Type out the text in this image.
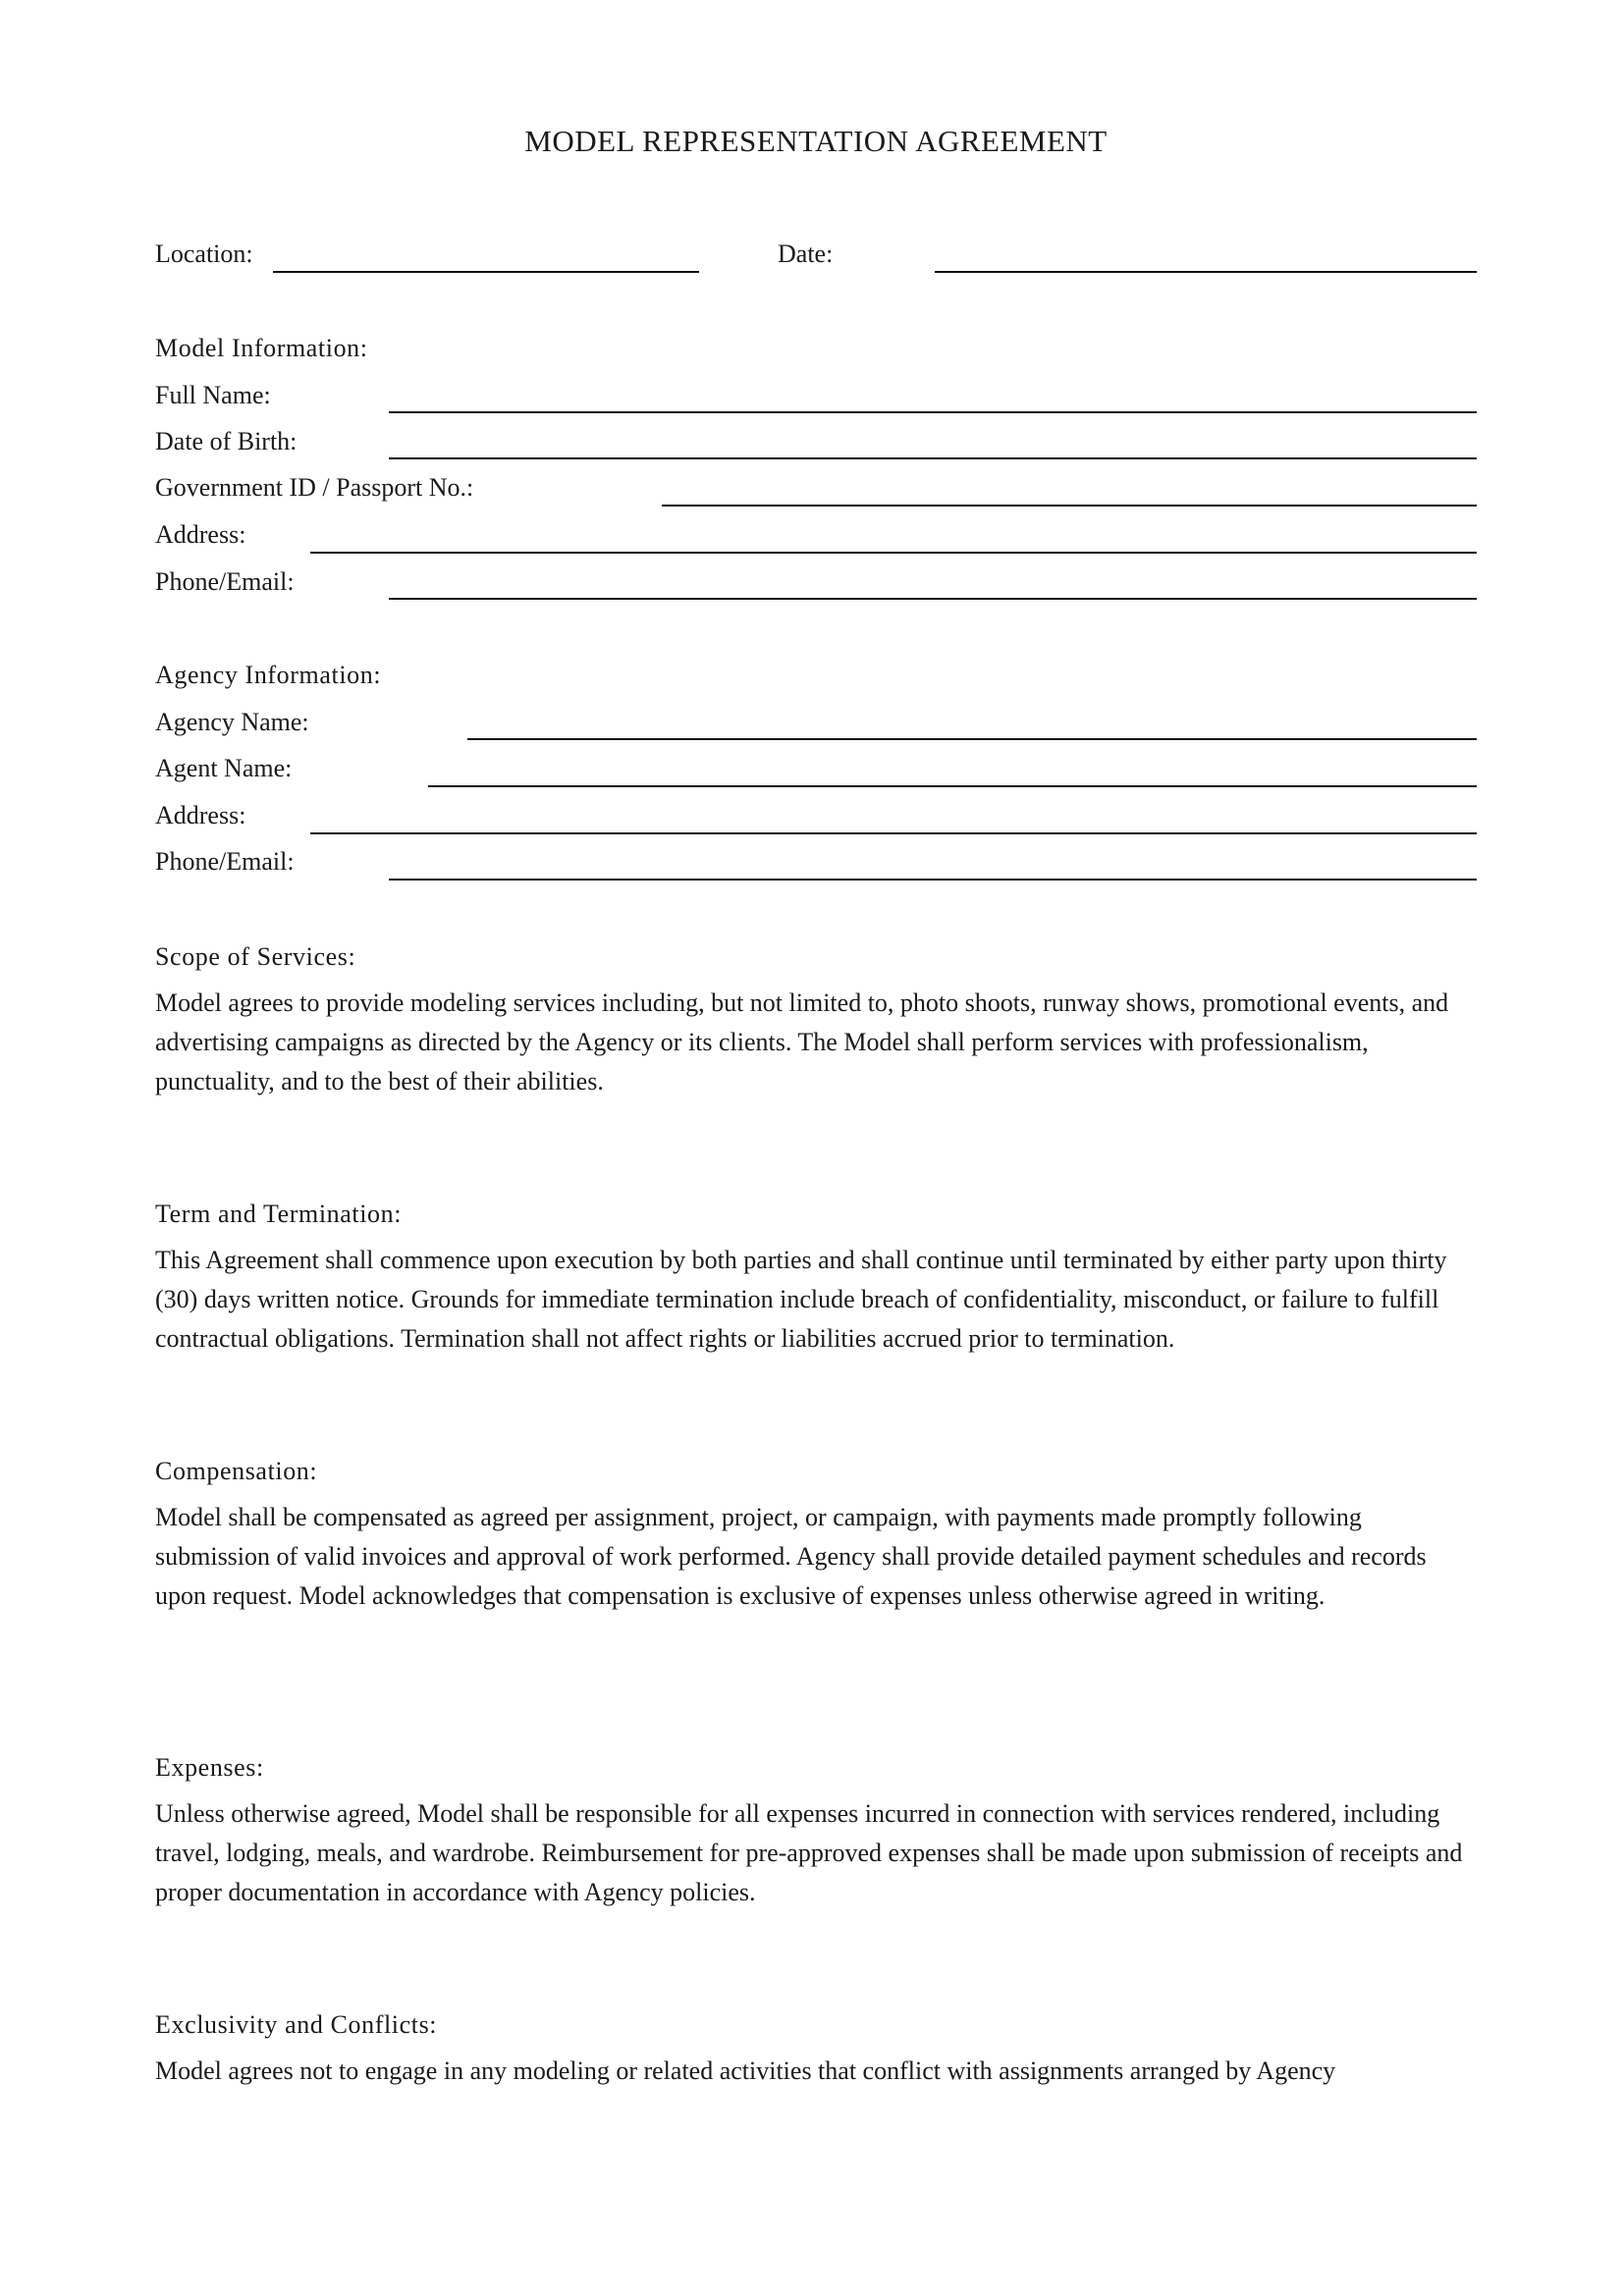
MODEL REPRESENTATION AGREEMENT
Location:	Date:
Model Information:
Full Name:
Date of Birth:
Government ID / Passport No.:
Address:
Phone/Email:
Agency Information:
Agency Name:
Agent Name:
Address:
Phone/Email:
Scope of Services:

Model agrees to provide modeling services including, but not limited to, photo shoots, runway shows, promotional events, and advertising campaigns as directed by the Agency or its clients. The Model shall perform services with professionalism, punctuality, and to the best of their abilities.

Term and Termination:

This Agreement shall commence upon execution by both parties and shall continue until terminated by either party upon thirty (30) days written notice. Grounds for immediate termination include breach of confidentiality, misconduct, or failure to fulfill contractual obligations. Termination shall not affect rights or liabilities accrued prior to termination.

Compensation:

Model shall be compensated as agreed per assignment, project, or campaign, with payments made promptly following submission of valid invoices and approval of work performed. Agency shall provide detailed payment schedules and records upon request. Model acknowledges that compensation is exclusive of expenses unless otherwise agreed in writing.

Expenses:

Unless otherwise agreed, Model shall be responsible for all expenses incurred in connection with services rendered, including travel, lodging, meals, and wardrobe. Reimbursement for pre-approved expenses shall be made upon submission of receipts and proper documentation in accordance with Agency policies.

Exclusivity and Conflicts:

Model agrees not to engage in any modeling or related activities that conflict with assignments arranged by Agency
